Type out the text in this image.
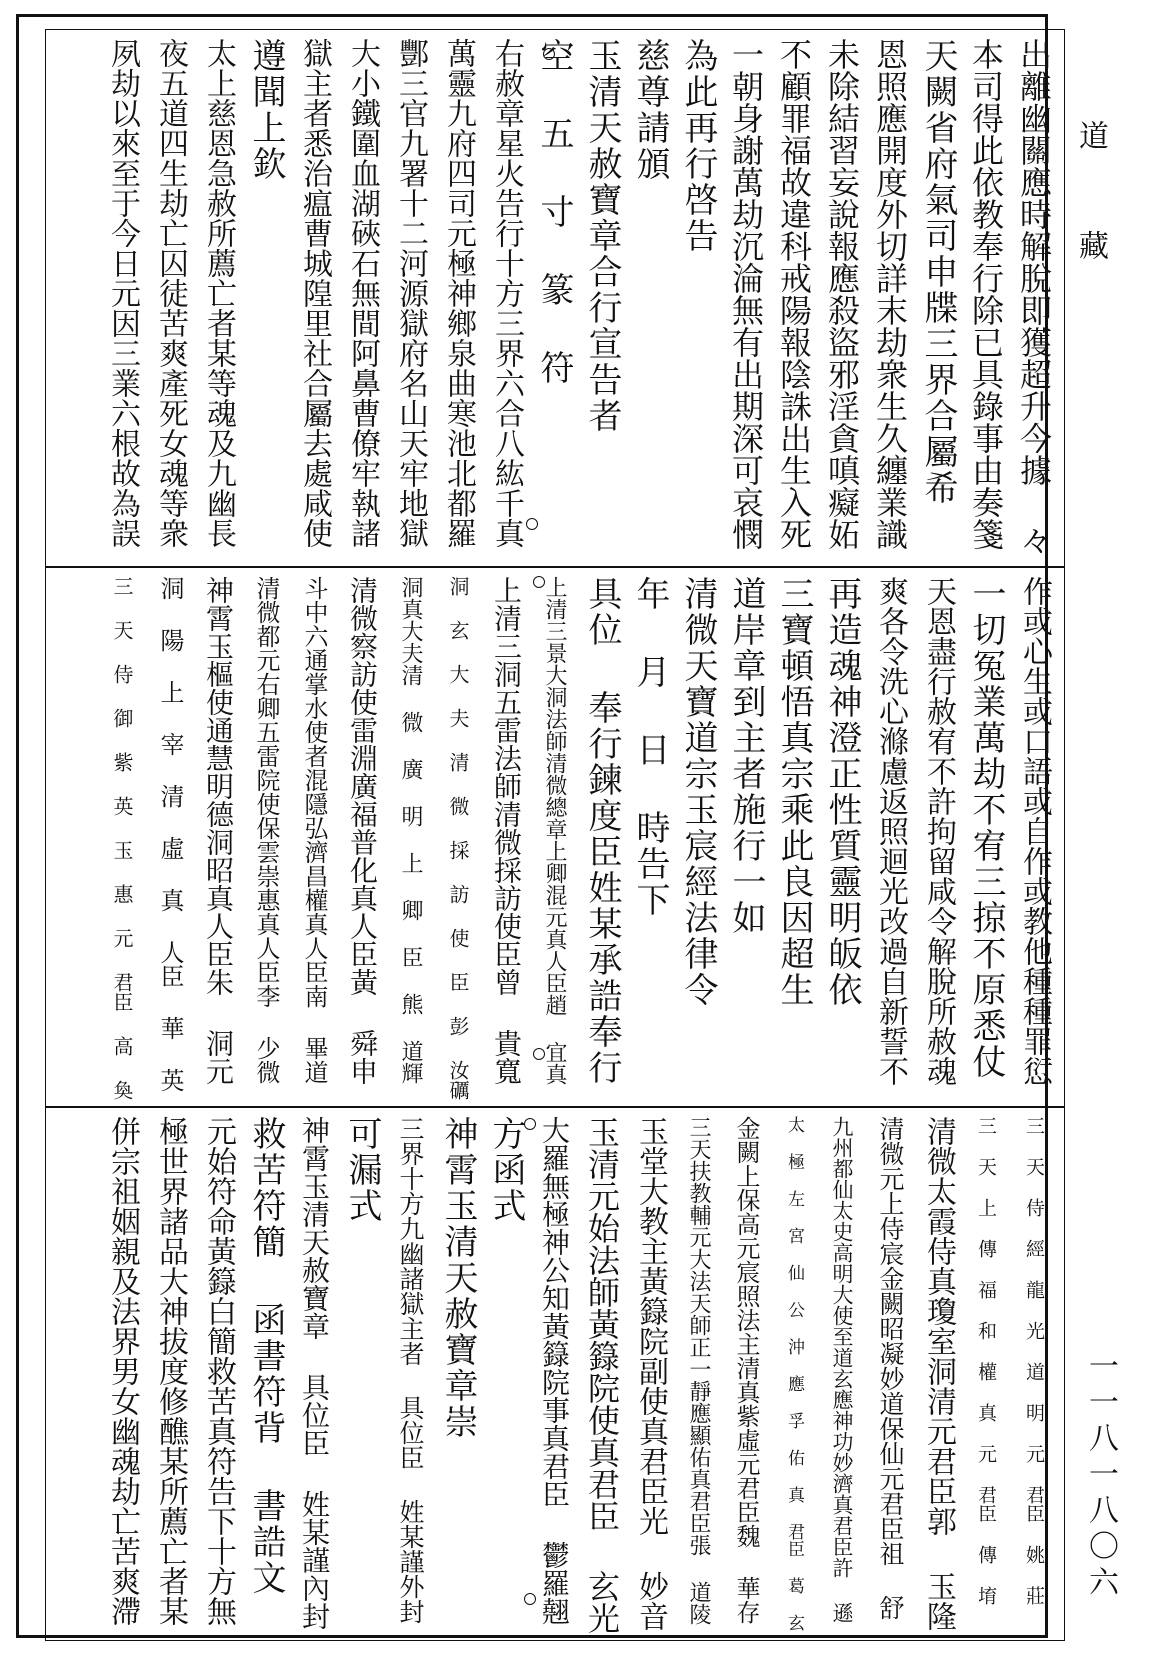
出離幽關應時解脫即獲超升今據 々
本司得此依教奉行除已具錄事由奏箋
天闕省府氣司申牒三界合屬希
恩照應開度外切詳末劫衆生久纏業識
未除結習妄說報應殺盜邪淫貪嗔癡妬
不顧罪福故違科戒陽報陰誅出生入死
一朝身謝萬劫沉淪無有出期深可哀憫
為此再行啓告
慈尊請頒
玉清天赦寶章合行宣告者
空 五 寸 篆 符
右赦章星火告行十方三界六合八紘千真
萬靈九府四司元極神鄉泉曲寒池北都羅
酆三官九署十二河源獄府名山天牢地獄
大小鐵圍血湖硤石無間阿鼻曹僚牢執諸
獄主者悉治瘟曹城隍里社合屬去處咸使
遵聞上欽
太上慈恩急赦所薦亡者某等魂及九幽長
夜五道四生劫亡囚徒苦爽產死女魂等衆
夙劫以來至于今日元因三業六根故為誤
作或心生或口語或自作或教他種種罪愆
一切冤業萬劫不宥三掠不原悉仗
天恩盡行赦宥不許拘留咸令解脫所赦魂
爽各令洗心滌慮返照迴光改過自新誓不
再造魂神澄正性質靈明皈依
三寶頓悟真宗乘此良因超生
道岸章到主者施行一如
清微天寶道宗玉宸經法律令
年 月 日 時告下
具位 奉行鍊度臣姓某承誥奉行
上清三景大洞法師清微總章上卿混元真人臣趙 宜真
上清三洞五雷法師清微採訪使臣曾 貴寬
洞 玄 大 夫 清 微 採 訪 使 臣 彭 汝礪
洞真大夫清 微 廣 明 上 卿 臣 熊 道輝
清微察訪使雷淵廣福普化真人臣黃 舜申
斗中六通掌水使者混隱弘濟昌權真人臣南 畢道
清微都元右卿五雷院使保雲崇惠真人臣李 少微
神霄玉樞使通慧明德洞昭真人臣朱 洞元
洞 陽 上 宰 清 虛 真 人臣 華 英
三 天 侍 御 紫 英 玉 惠 元 君臣 高 奐
三 天 侍 經 龍 光 道 明 元 君臣 姚 莊
三 天 上 傳 福 和 權 真 元 君臣 傳 堉
清微太霞侍真瓊室洞清元君臣郭 玉隆
清微元上侍宸金闕昭凝妙道保仙元君臣祖 舒
九州都仙太史高明大使至道玄應神功妙濟真君臣許 遜
太 極 左 宮 仙 公 沖 應 孚 佑 真 君臣 葛 玄
金闕上保高元宸照法主清真紫虛元君臣魏 華存
三天扶教輔元大法天師正一靜應顯佑真君臣張 道陵
玉堂大教主黃籙院副使真君臣光 妙音
玉清元始法師黃籙院使真君臣 玄光
大羅無極神公知黃籙院事真君臣 鬱羅翹
方函式
神霄玉清天赦寶章崇
三界十方九幽諸獄主者 具位臣 姓某謹外封
可漏式
神霄玉清天赦寶章 具位臣 姓某謹內封
救苦符簡 函書符背 書誥文
元始符命黃籙白簡救苦真符告下十方無
極世界諸品大神拔度修醮某所薦亡者某
併宗祖姻親及法界男女幽魂劫亡苦爽滯
道藏
一一八一八〇六
